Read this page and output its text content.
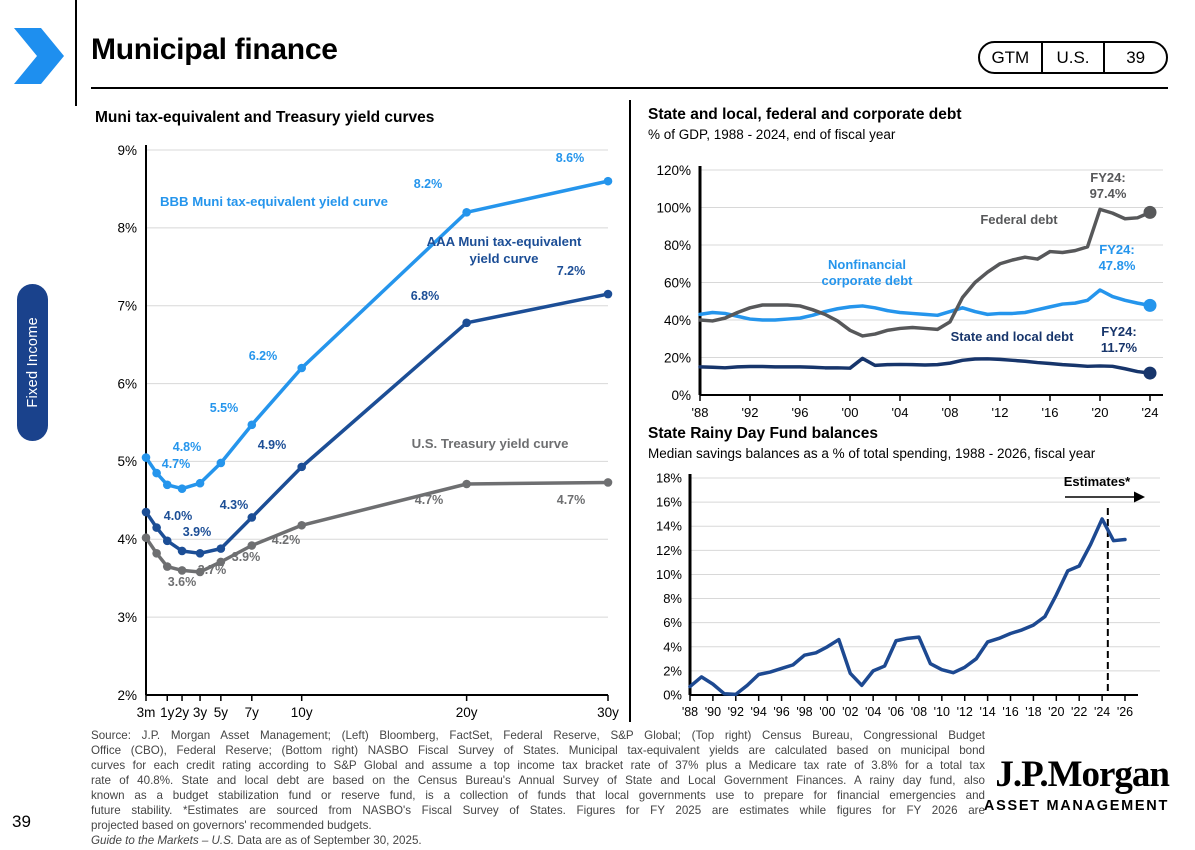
Municipal finance	GTM	U.S.	39
Fixed Income
Muni tax-equivalent and Treasury yield curves
9%
8%
7%
6%
5%
4%
3%
2%
3m 1y 2y 3y 5y 7y 10y	20y	30y
4.7%
4.8%
5.5%
6.2%
8.2%
8.6%
4.0%
3.9%
4.3%
4.9%
6.8%
7.2%
3.6%
3.7%
3.9%
4.2%
4.7%	4.7%
BBB Muni tax-equivalent yield curve
AAA Muni tax-equivalent
yield curve
U.S. Treasury yield curve
State and local, federal and corporate debt
% of GDP, 1988 - 2024, end of fiscal year
0%
20%
40%
60%
80%
100%
120%
'88	'92	'96	'00	'04	'08	'12	'16	'20	'24
FY24:
97.4%
Federal debt
Nonfinancial
corporate debt
FY24:
47.8%
State and local debt FY24:
11.7%
State Rainy Day Fund balances
Median savings balances as a % of total spending, 1988 - 2026, fiscal year
0%
2%
4%
6%
8%
10%
12%
14%
16%
18%
'88 '90 '92 '94 '96 '98 '00 '02 '04 '06 '08 '10 '12 '14 '16 '18 '20 '22 '24 '26
Estimates*
Source: J.P. Morgan Asset Management; (Left) Bloomberg, FactSet, Federal Reserve, S&P Global; (Top right) Census Bureau, Congressional Budget
Office (CBO), Federal Reserve; (Bottom right) NASBO Fiscal Survey of States. Municipal tax-equivalent yields are calculated based on municipal bond
curves for each credit rating according to S&P Global and assume a top income tax bracket rate of 37% plus a Medicare tax rate of 3.8% for a total tax
rate of 40.8%. State and local debt are based on the Census Bureau's Annual Survey of State and Local Government Finances. A rainy day fund, also
known as a budget stabilization fund or reserve fund, is a collection of funds that local governments use to prepare for financial emergencies and
future stability. *Estimates are sourced from NASBO's Fiscal Survey of States. Figures for FY 2025 are estimates while figures for FY 2026 are
projected based on governors' recommended budgets.
Guide to the Markets – U.S. Data are as of September 30, 2025.
J.P.Morgan
ASSET MANAGEMENT
39
